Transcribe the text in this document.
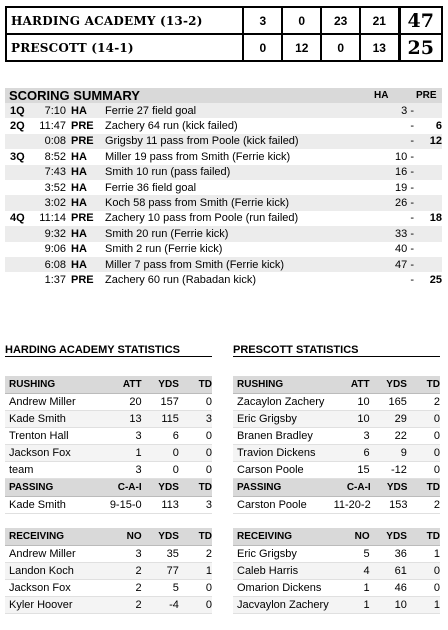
HARDING ACADEMY (13-2)	3	0	23	21	47
PRESCOTT (14-1)	0	12	0	13	25
SCORING SUMMARY	HA	PRE
1Q	7:10 HA	Ferrie 27 field goal	3 -
2Q	11:47 PRE	Zachery 64 run (kick failed)	-	6
0:08 PRE	Grigsby 11 pass from Poole (kick failed)	-	12
3Q	8:52 HA	Miller 19 pass from Smith (Ferrie kick)	10 -
7:43 HA	Smith 10 run (pass failed)	16 -
3:52 HA	Ferrie 36 field goal	19 -
3:02 HA	Koch 58 pass from Smith (Ferrie kick)	26 -
4Q	11:14 PRE	Zachery 10 pass from Poole (run failed)	-	18
9:32 HA	Smith 20 run (Ferrie kick)	33 -
9:06 HA	Smith 2 run (Ferrie kick)	40 -
6:08 HA	Miller 7 pass from Smith (Ferrie kick)	47 -
1:37 PRE	Zachery 60 run (Rabadan kick)	-	25
HARDING ACADEMY STATISTICS	PRESCOTT STATISTICS
RUSHING	ATT	YDS	TD
Andrew Miller	20	157	0
Kade Smith	13	115	3
Trenton Hall	3	6	0
Jackson Fox	1	0	0
team	3	0	0
RUSHING	ATT	YDS	TD
Zacaylon Zachery	10	165	2
Eric Grigsby	10	29	0
Branen Bradley	3	22	0
Travion Dickens	6	9	0
Carson Poole	15	-12	0
PASSING	C-A-I	YDS	TD
Kade Smith	9-15-0	113	3
PASSING	C-A-I	YDS	TD
Carston Poole	11-20-2	153	2
RECEIVING	NO	YDS	TD
Andrew Miller	3	35	2
Landon Koch	2	77	1
Jackson Fox	2	5	0
Kyler Hoover	2	-4	0
RECEIVING	NO	YDS	TD
Eric Grigsby	5	36	1
Caleb Harris	4	61	0
Omarion Dickens	1	46	0
Jacvaylon Zachery	1	10	1
